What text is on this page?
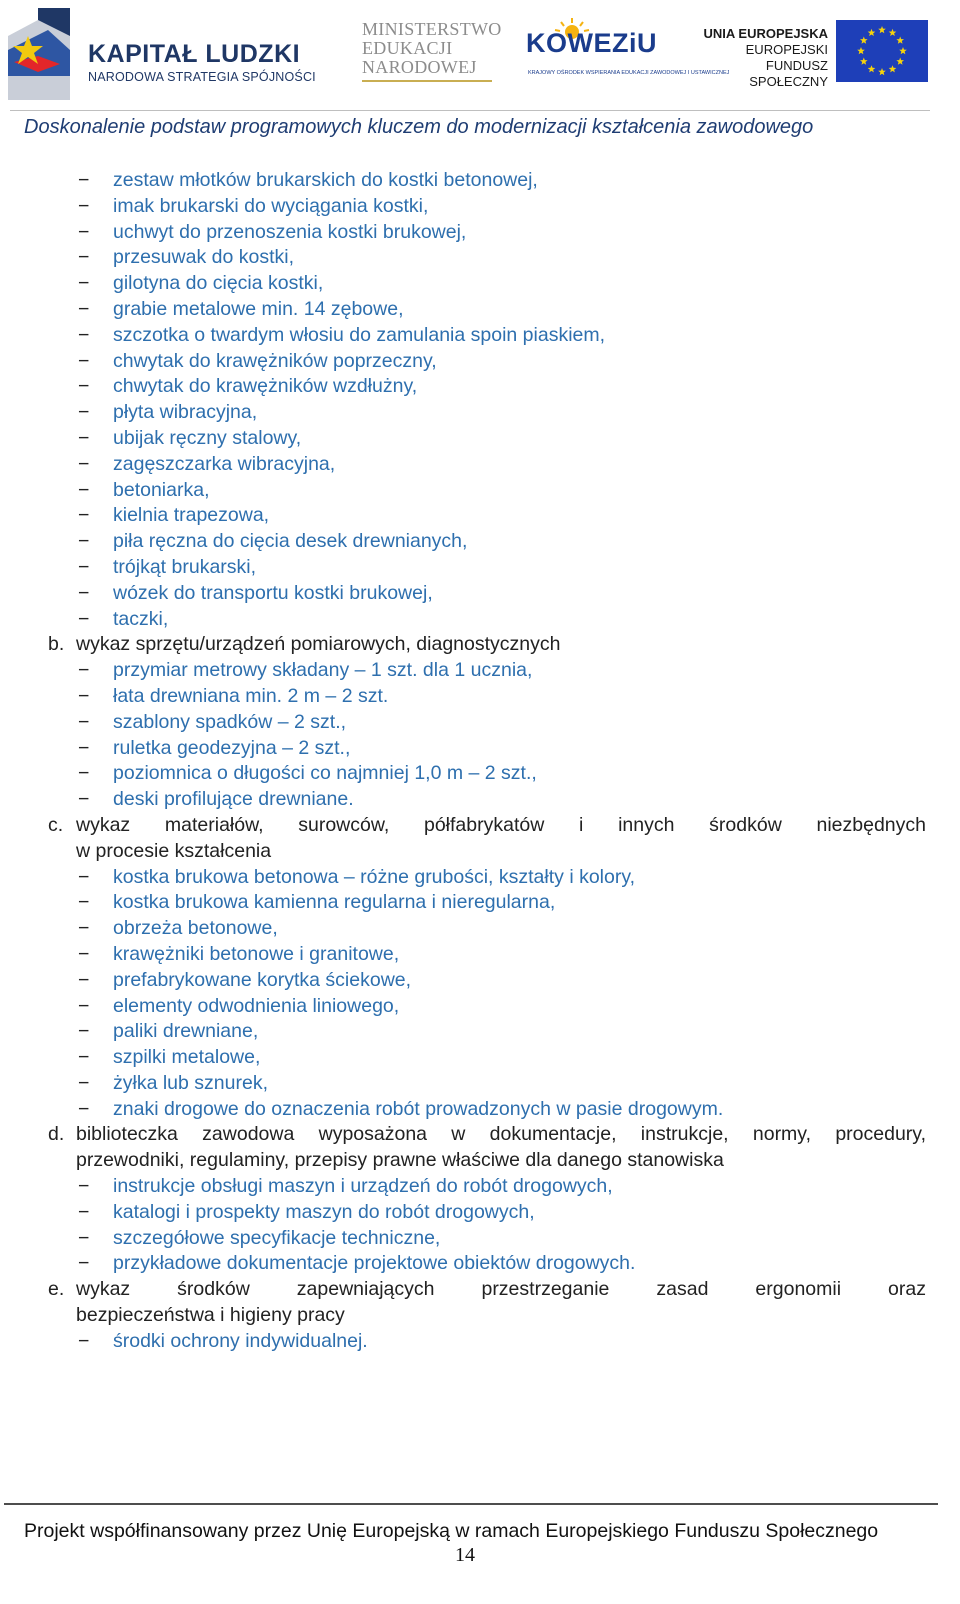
KAPITAŁ LUDZKI
NARODOWA STRATEGIA SPÓJNOŚCI
MINISTERSTWO
EDUKACJI
NARODOWEJ
KOWEZiU
KRAJOWY OŚRODEK WSPIERANIA EDUKACJI ZAWODOWEJ I USTAWICZNEJ
UNIA EUROPEJSKA
EUROPEJSKI
FUNDUSZ SPOŁECZNY
Doskonalenie podstaw programowych kluczem do modernizacji kształcenia zawodowego
− zestaw młotków brukarskich do kostki betonowej,
− imak brukarski do wyciągania kostki,
− uchwyt do przenoszenia kostki brukowej,
− przesuwak do kostki,
− gilotyna do cięcia kostki,
− grabie metalowe min. 14 zębowe,
− szczotka o twardym włosiu do zamulania spoin piaskiem,
− chwytak do krawężników poprzeczny,
− chwytak do krawężników wzdłużny,
− płyta wibracyjna,
− ubijak ręczny stalowy,
− zagęszczarka wibracyjna,
− betoniarka,
− kielnia trapezowa,
− piła ręczna do cięcia desek drewnianych,
− trójkąt brukarski,
− wózek do transportu kostki brukowej,
− taczki,
b. wykaz sprzętu/urządzeń pomiarowych, diagnostycznych
− przymiar metrowy składany – 1 szt. dla 1 ucznia,
− łata drewniana min. 2 m – 2 szt.
− szablony spadków – 2 szt.,
− ruletka geodezyjna – 2 szt.,
− poziomnica o długości co najmniej 1,0 m – 2 szt.,
− deski profilujące drewniane.
c. wykaz materiałów, surowców, półfabrykatów i innych środków niezbędnych
w procesie kształcenia
− kostka brukowa betonowa – różne grubości, kształty i kolory,
− kostka brukowa kamienna regularna i nieregularna,
− obrzeża betonowe,
− krawężniki betonowe i granitowe,
− prefabrykowane korytka ściekowe,
− elementy odwodnienia liniowego,
− paliki drewniane,
− szpilki metalowe,
− żyłka lub sznurek,
− znaki drogowe do oznaczenia robót prowadzonych w pasie drogowym.
d. biblioteczka zawodowa wyposażona w dokumentacje, instrukcje, normy, procedury,
przewodniki, regulaminy, przepisy prawne właściwe dla danego stanowiska
− instrukcje obsługi maszyn i urządzeń do robót drogowych,
− katalogi i prospekty maszyn do robót drogowych,
− szczegółowe specyfikacje techniczne,
− przykładowe dokumentacje projektowe obiektów drogowych.
e. wykaz środków zapewniających przestrzeganie zasad ergonomii oraz
bezpieczeństwa i higieny pracy
− środki ochrony indywidualnej.
Projekt współfinansowany przez Unię Europejską w ramach Europejskiego Funduszu Społecznego
14
